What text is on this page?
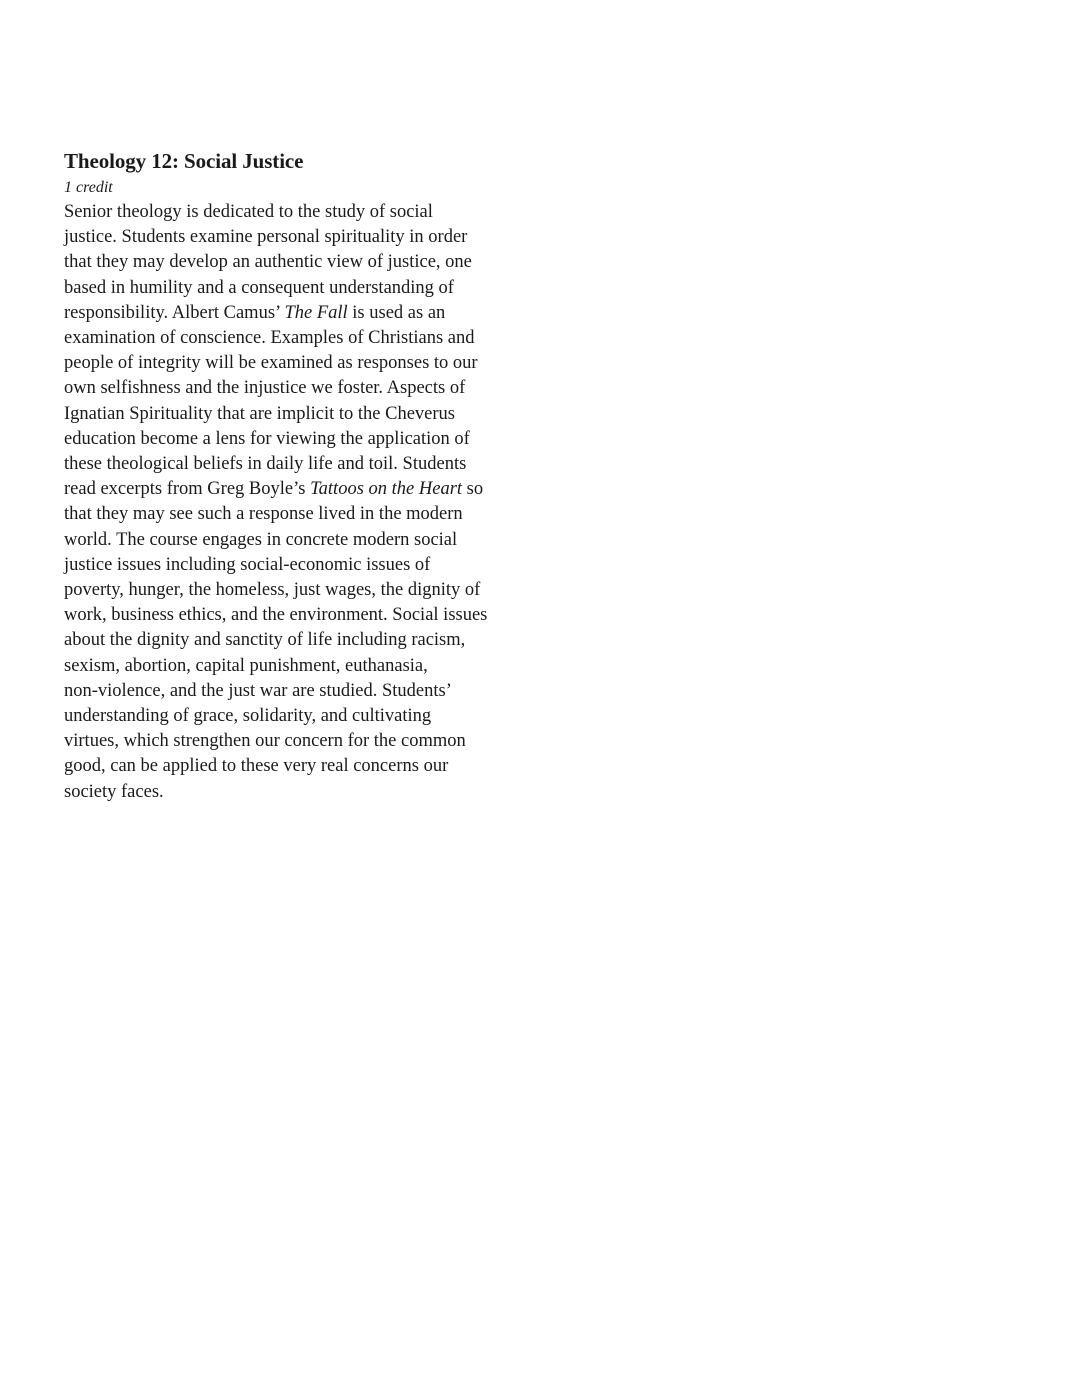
Theology 12: Social Justice

1 credit

Senior theology is dedicated to the study of social
justice. Students examine personal spirituality in order
that they may develop an authentic view of justice, one
based in humility and a consequent understanding of
responsibility. Albert Camus’ The Fall is used as an
examination of conscience. Examples of Christians and
people of integrity will be examined as responses to our
own selfishness and the injustice we foster. Aspects of
Ignatian Spirituality that are implicit to the Cheverus
education become a lens for viewing the application of
these theological beliefs in daily life and toil. Students
read excerpts from Greg Boyle’s Tattoos on the Heart so
that they may see such a response lived in the modern
world. The course engages in concrete modern social
justice issues including social-economic issues of
poverty, hunger, the homeless, just wages, the dignity of
work, business ethics, and the environment. Social issues
about the dignity and sanctity of life including racism,
sexism, abortion, capital punishment, euthanasia,
non-violence, and the just war are studied. Students’
understanding of grace, solidarity, and cultivating
virtues, which strengthen our concern for the common
good, can be applied to these very real concerns our
society faces.
